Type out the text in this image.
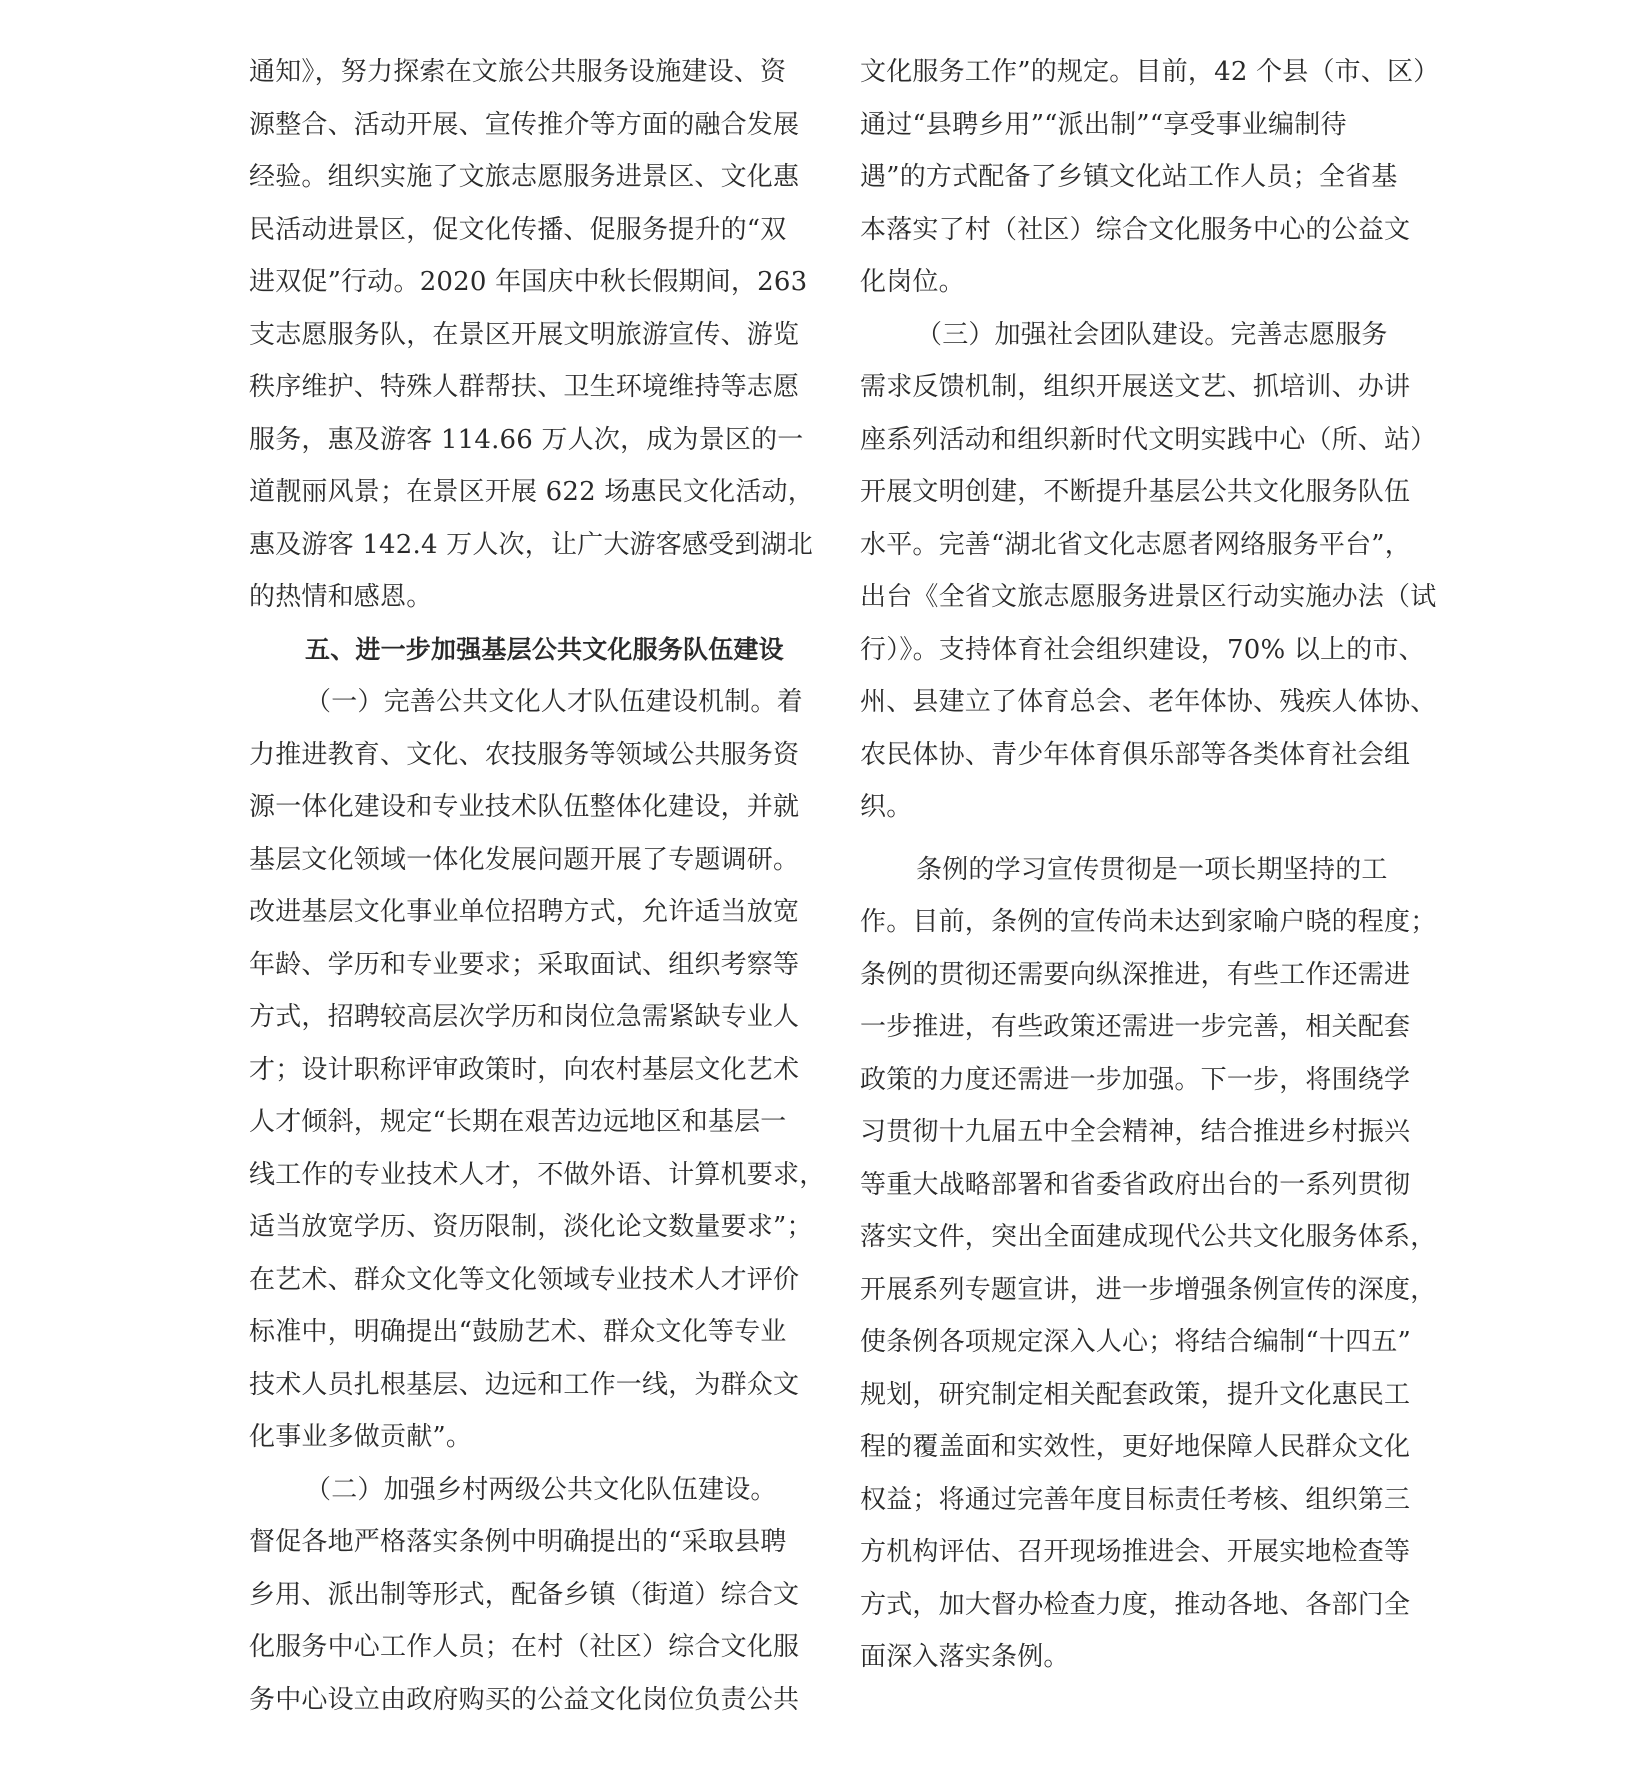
通知》，努力探索在文旅公共服务设施建设、资
源整合、活动开展、宣传推介等方面的融合发展
经验。组织实施了文旅志愿服务进景区、文化惠
民活动进景区，促文化传播、促服务提升的“双
进双促”行动。2020 年国庆中秋长假期间，263
支志愿服务队，在景区开展文明旅游宣传、游览
秩序维护、特殊人群帮扶、卫生环境维持等志愿
服务，惠及游客 114.66 万人次，成为景区的一
道靓丽风景；在景区开展 622 场惠民文化活动，
惠及游客 142.4 万人次，让广大游客感受到湖北
的热情和感恩。
五、进一步加强基层公共文化服务队伍建设
（一）完善公共文化人才队伍建设机制。着
力推进教育、文化、农技服务等领域公共服务资
源一体化建设和专业技术队伍整体化建设，并就
基层文化领域一体化发展问题开展了专题调研。
改进基层文化事业单位招聘方式，允许适当放宽
年龄、学历和专业要求；采取面试、组织考察等
方式，招聘较高层次学历和岗位急需紧缺专业人
才；设计职称评审政策时，向农村基层文化艺术
人才倾斜，规定“长期在艰苦边远地区和基层一
线工作的专业技术人才，不做外语、计算机要求，
适当放宽学历、资历限制，淡化论文数量要求”；
在艺术、群众文化等文化领域专业技术人才评价
标准中，明确提出“鼓励艺术、群众文化等专业
技术人员扎根基层、边远和工作一线，为群众文
化事业多做贡献”。
（二）加强乡村两级公共文化队伍建设。
督促各地严格落实条例中明确提出的“采取县聘
乡用、派出制等形式，配备乡镇（街道）综合文
化服务中心工作人员；在村（社区）综合文化服
务中心设立由政府购买的公益文化岗位负责公共
文化服务工作”的规定。目前，42 个县（市、区）
通过“县聘乡用”“派出制”“享受事业编制待
遇”的方式配备了乡镇文化站工作人员；全省基
本落实了村（社区）综合文化服务中心的公益文
化岗位。
（三）加强社会团队建设。完善志愿服务
需求反馈机制，组织开展送文艺、抓培训、办讲
座系列活动和组织新时代文明实践中心（所、站）
开展文明创建，不断提升基层公共文化服务队伍
水平。完善“湖北省文化志愿者网络服务平台”，
出台《全省文旅志愿服务进景区行动实施办法（试
行）》。支持体育社会组织建设，70% 以上的市、
州、县建立了体育总会、老年体协、残疾人体协、
农民体协、青少年体育俱乐部等各类体育社会组
织。
条例的学习宣传贯彻是一项长期坚持的工
作。目前，条例的宣传尚未达到家喻户晓的程度；
条例的贯彻还需要向纵深推进，有些工作还需进
一步推进，有些政策还需进一步完善，相关配套
政策的力度还需进一步加强。下一步，将围绕学
习贯彻十九届五中全会精神，结合推进乡村振兴
等重大战略部署和省委省政府出台的一系列贯彻
落实文件，突出全面建成现代公共文化服务体系，
开展系列专题宣讲，进一步增强条例宣传的深度，
使条例各项规定深入人心；将结合编制“十四五”
规划，研究制定相关配套政策，提升文化惠民工
程的覆盖面和实效性，更好地保障人民群众文化
权益；将通过完善年度目标责任考核、组织第三
方机构评估、召开现场推进会、开展实地检查等
方式，加大督办检查力度，推动各地、各部门全
面深入落实条例。
